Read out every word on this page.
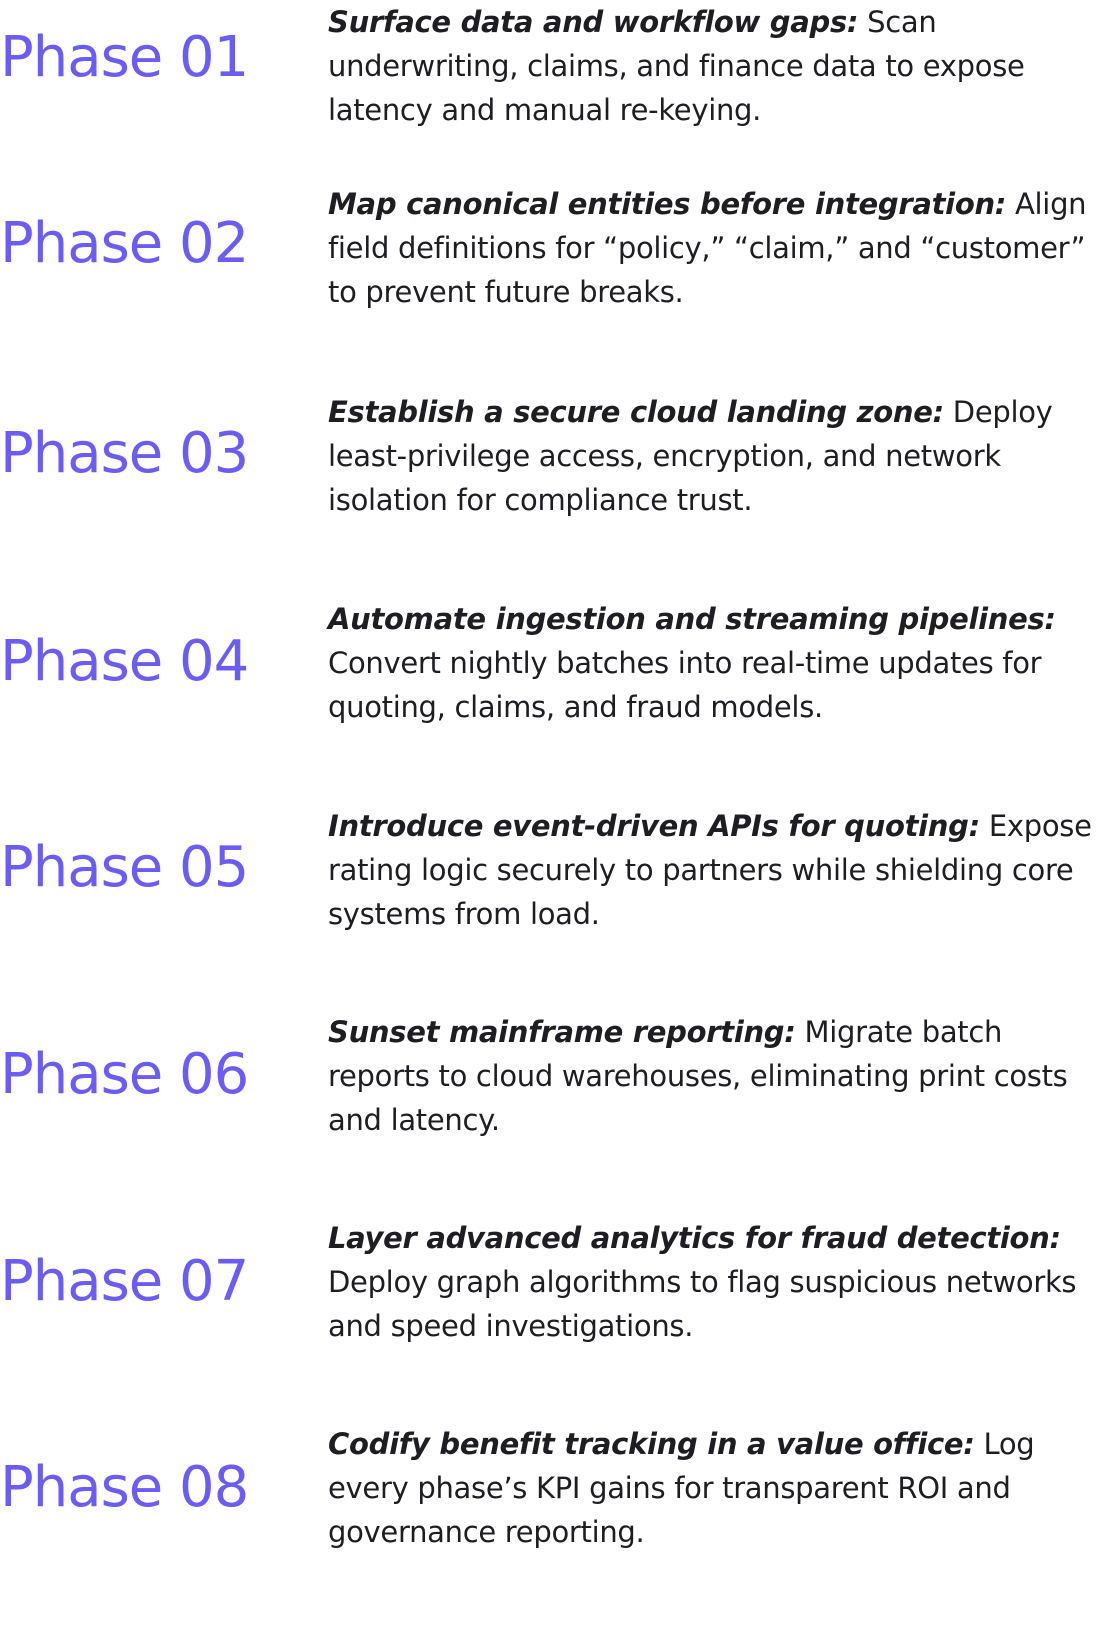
Phase 01

Surface data and workflow gaps: Scan underwriting, claims, and finance data to expose latency and manual re-keying.

Phase 02

Map canonical entities before integration: Align field definitions for “policy,” “claim,” and “customer” to prevent future breaks.

Phase 03

Establish a secure cloud landing zone: Deploy least-privilege access, encryption, and network isolation for compliance trust.

Phase 04

Automate ingestion and streaming pipelines:
Convert nightly batches into real-time updates for quoting, claims, and fraud models.

Phase 05

Introduce event-driven APIs for quoting: Expose rating logic securely to partners while shielding core systems from load.

Phase 06

Sunset mainframe reporting: Migrate batch reports to cloud warehouses, eliminating print costs and latency.

Phase 07

Layer advanced analytics for fraud detection:
Deploy graph algorithms to flag suspicious networks and speed investigations.

Phase 08

Codify benefit tracking in a value office: Log every phase’s KPI gains for transparent ROI and governance reporting.
